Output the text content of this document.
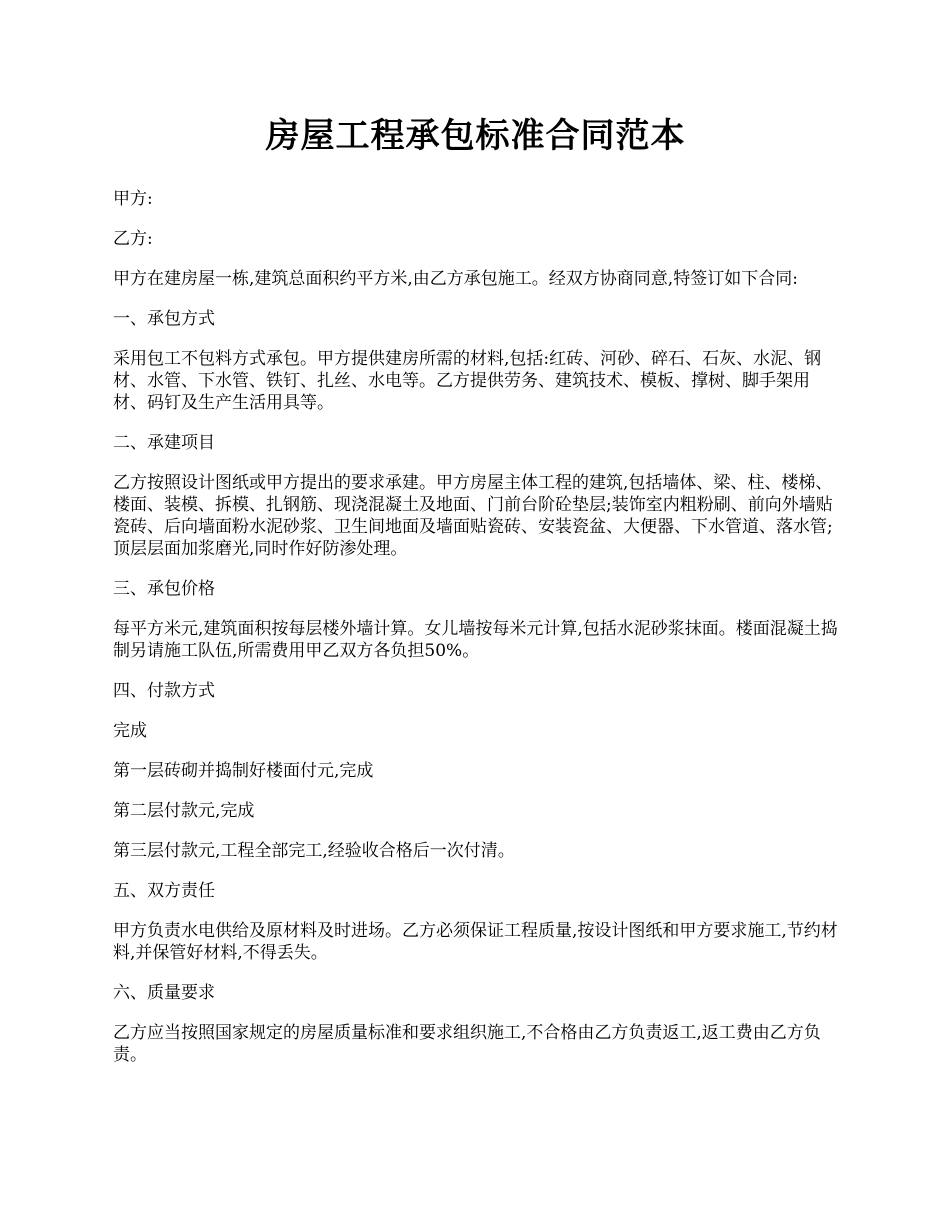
房屋工程承包标准合同范本

甲方:

乙方:

甲方在建房屋一栋,建筑总面积约平方米,由乙方承包施工。经双方协商同意,特签订如下合同:

一、承包方式

采用包工不包料方式承包。甲方提供建房所需的材料,包括:红砖、河砂、碎石、石灰、水泥、钢材、水管、下水管、铁钉、扎丝、水电等。乙方提供劳务、建筑技术、模板、撑树、脚手架用材、码钉及生产生活用具等。

二、承建项目

乙方按照设计图纸或甲方提出的要求承建。甲方房屋主体工程的建筑,包括墙体、梁、柱、楼梯、楼面、装模、拆模、扎钢筋、现浇混凝土及地面、门前台阶砼垫层;装饰室内粗粉刷、前向外墙贴瓷砖、后向墙面粉水泥砂浆、卫生间地面及墙面贴瓷砖、安装瓷盆、大便器、下水管道、落水管;顶层层面加浆磨光,同时作好防渗处理。

三、承包价格

每平方米元,建筑面积按每层楼外墙计算。女儿墙按每米元计算,包括水泥砂浆抹面。楼面混凝土捣制另请施工队伍,所需费用甲乙双方各负担50%。

四、付款方式

完成

第一层砖砌并捣制好楼面付元,完成

第二层付款元,完成

第三层付款元,工程全部完工,经验收合格后一次付清。

五、双方责任

甲方负责水电供给及原材料及时进场。乙方必须保证工程质量,按设计图纸和甲方要求施工,节约材料,并保管好材料,不得丢失。

六、质量要求

乙方应当按照国家规定的房屋质量标准和要求组织施工,不合格由乙方负责返工,返工费由乙方负责。
